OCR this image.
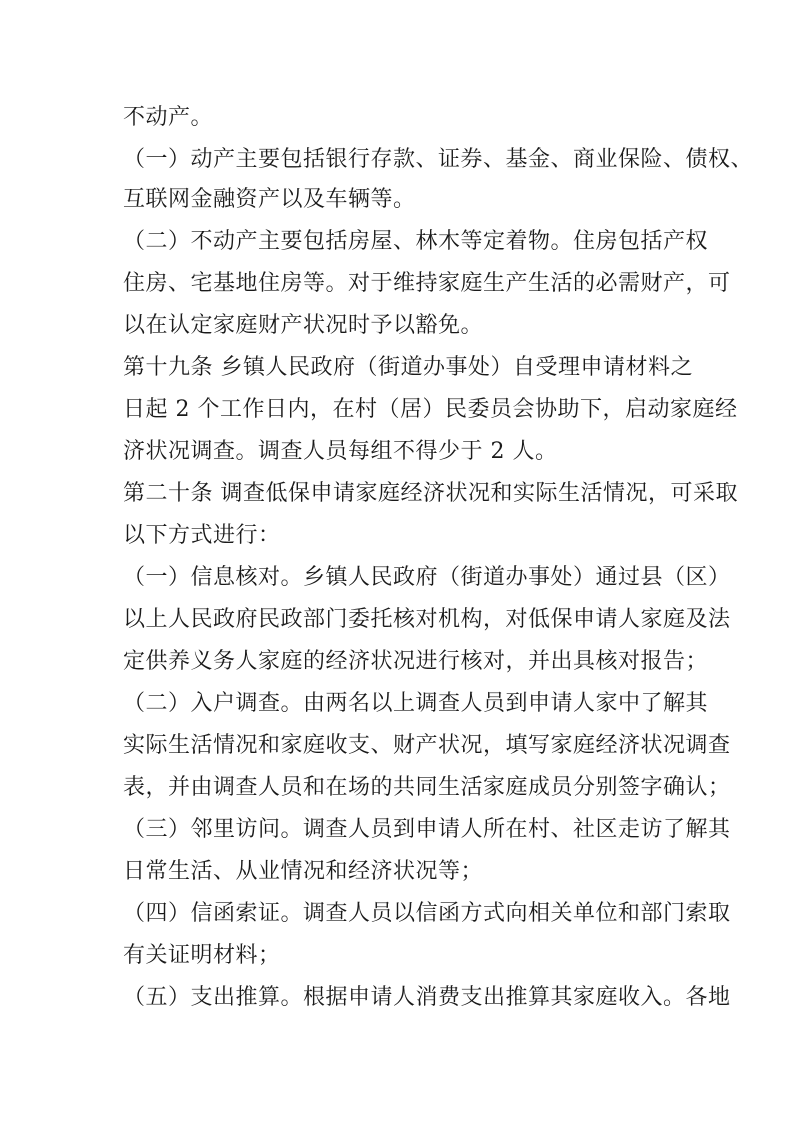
不动产。
（一）动产主要包括银行存款、证券、基金、商业保险、债权、
互联网金融资产以及车辆等。
（二）不动产主要包括房屋、林木等定着物。住房包括产权
住房、宅基地住房等。对于维持家庭生产生活的必需财产，可
以在认定家庭财产状况时予以豁免。
第十九条 乡镇人民政府（街道办事处）自受理申请材料之
日起 2 个工作日内，在村（居）民委员会协助下，启动家庭经
济状况调查。调查人员每组不得少于 2 人。
第二十条 调查低保申请家庭经济状况和实际生活情况，可采取
以下方式进行：
（一）信息核对。乡镇人民政府（街道办事处）通过县（区）
以上人民政府民政部门委托核对机构，对低保申请人家庭及法
定供养义务人家庭的经济状况进行核对，并出具核对报告；
（二）入户调查。由两名以上调查人员到申请人家中了解其
实际生活情况和家庭收支、财产状况，填写家庭经济状况调查
表，并由调查人员和在场的共同生活家庭成员分别签字确认；
（三）邻里访问。调查人员到申请人所在村、社区走访了解其
日常生活、从业情况和经济状况等；
（四）信函索证。调查人员以信函方式向相关单位和部门索取
有关证明材料；
（五）支出推算。根据申请人消费支出推算其家庭收入。各地
